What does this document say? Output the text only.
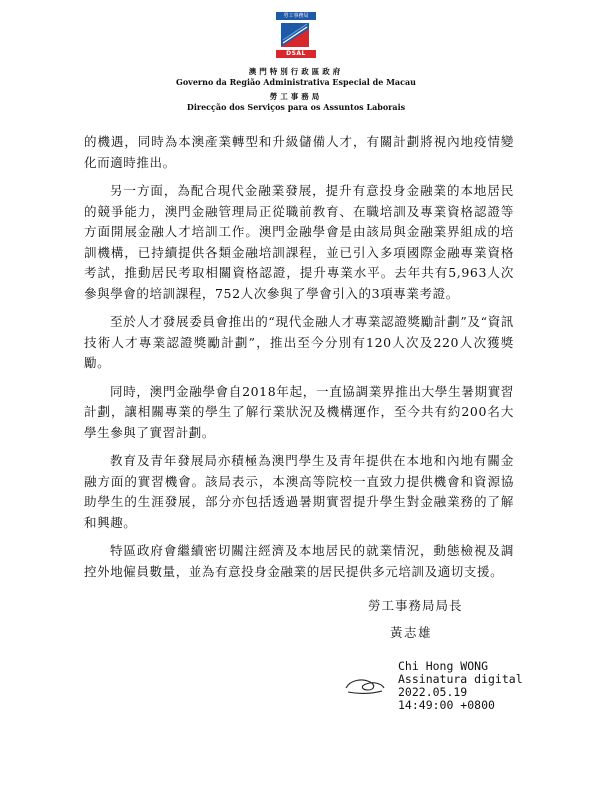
勞工事務局
DSAL
澳門特別行政區政府
Governo da Região Administrativa Especial de Macau
勞工事務局
Direcção dos Serviços para os Assuntos Laborais

的機遇，同時為本澳產業轉型和升級儲備人才，有關計劃將視內地疫情變化而適時推出。

另一方面，為配合現代金融業發展，提升有意投身金融業的本地居民的競爭能力，澳門金融管理局正從職前教育、在職培訓及專業資格認證等方面開展金融人才培訓工作。澳門金融學會是由該局與金融業界組成的培訓機構，已持續提供各類金融培訓課程，並已引入多項國際金融專業資格考試，推動居民考取相關資格認證，提升專業水平。去年共有5,963人次參與學會的培訓課程，752人次參與了學會引入的3項專業考證。

至於人才發展委員會推出的“現代金融人才專業認證獎勵計劃”及“資訊技術人才專業認證獎勵計劃”，推出至今分別有120人次及220人次獲獎勵。

同時，澳門金融學會自2018年起，一直協調業界推出大學生暑期實習計劃，讓相關專業的學生了解行業狀況及機構運作，至今共有約200名大學生參與了實習計劃。

教育及青年發展局亦積極為澳門學生及青年提供在本地和內地有關金融方面的實習機會。該局表示，本澳高等院校一直致力提供機會和資源協助學生的生涯發展，部分亦包括透過暑期實習提升學生對金融業務的了解和興趣。

特區政府會繼續密切關注經濟及本地居民的就業情況，動態檢視及調控外地僱員數量，並為有意投身金融業的居民提供多元培訓及適切支援。

勞工事務局局長
黃志雄
Chi Hong WONG
Assinatura digital
2022.05.19
14:49:00 +0800
